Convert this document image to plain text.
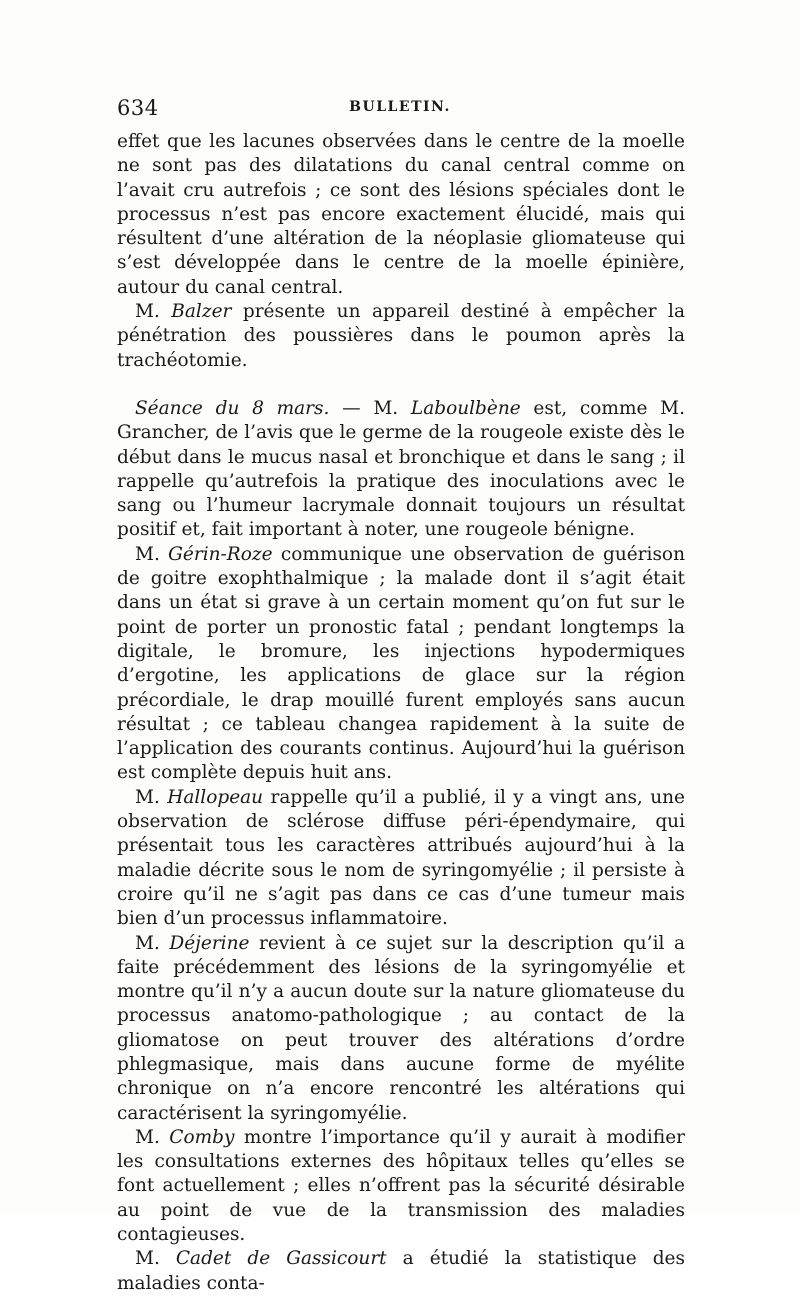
634	BULLETIN.

effet que les lacunes observées dans le centre de la moelle ne sont pas des dilatations du canal central comme on l’avait cru autrefois ; ce sont des lésions spéciales dont le processus n’est pas encore exactement élucidé, mais qui résultent d’une altération de la néoplasie gliomateuse qui s’est développée dans le centre de la moelle épinière, autour du canal central.

M. Balzer présente un appareil destiné à empêcher la pénétration des poussières dans le poumon après la trachéotomie.

Séance du 8 mars. — M. Laboulbène est, comme M. Grancher, de l’avis que le germe de la rougeole existe dès le début dans le mucus nasal et bronchique et dans le sang ; il rappelle qu’autrefois la pratique des inoculations avec le sang ou l’humeur lacrymale donnait toujours un résultat positif et, fait important à noter, une rougeole bénigne.

M. Gérin-Roze communique une observation de guérison de goitre exophthalmique ; la malade dont il s’agit était dans un état si grave à un certain moment qu’on fut sur le point de porter un pronostic fatal ; pendant longtemps la digitale, le bromure, les injections hypodermiques d’ergotine, les applications de glace sur la région précordiale, le drap mouillé furent employés sans aucun résultat ; ce tableau changea rapidement à la suite de l’application des courants continus. Aujourd’hui la guérison est complète depuis huit ans.

M. Hallopeau rappelle qu’il a publié, il y a vingt ans, une observation de sclérose diffuse péri-épendymaire, qui présentait tous les caractères attribués aujourd’hui à la maladie décrite sous le nom de syringomyélie ; il persiste à croire qu’il ne s’agit pas dans ce cas d’une tumeur mais bien d’un processus inflammatoire.

M. Déjerine revient à ce sujet sur la description qu’il a faite précédemment des lésions de la syringomyélie et montre qu’il n’y a aucun doute sur la nature gliomateuse du processus anatomo-pathologique ; au contact de la gliomatose on peut trouver des altérations d’ordre phlegmasique, mais dans aucune forme de myélite chronique on n’a encore rencontré les altérations qui caractérisent la syringomyélie.

M. Comby montre l’importance qu’il y aurait à modifier les consultations externes des hôpitaux telles qu’elles se font actuellement ; elles n’offrent pas la sécurité désirable au point de vue de la transmission des maladies contagieuses.

M. Cadet de Gassicourt a étudié la statistique des maladies conta-
